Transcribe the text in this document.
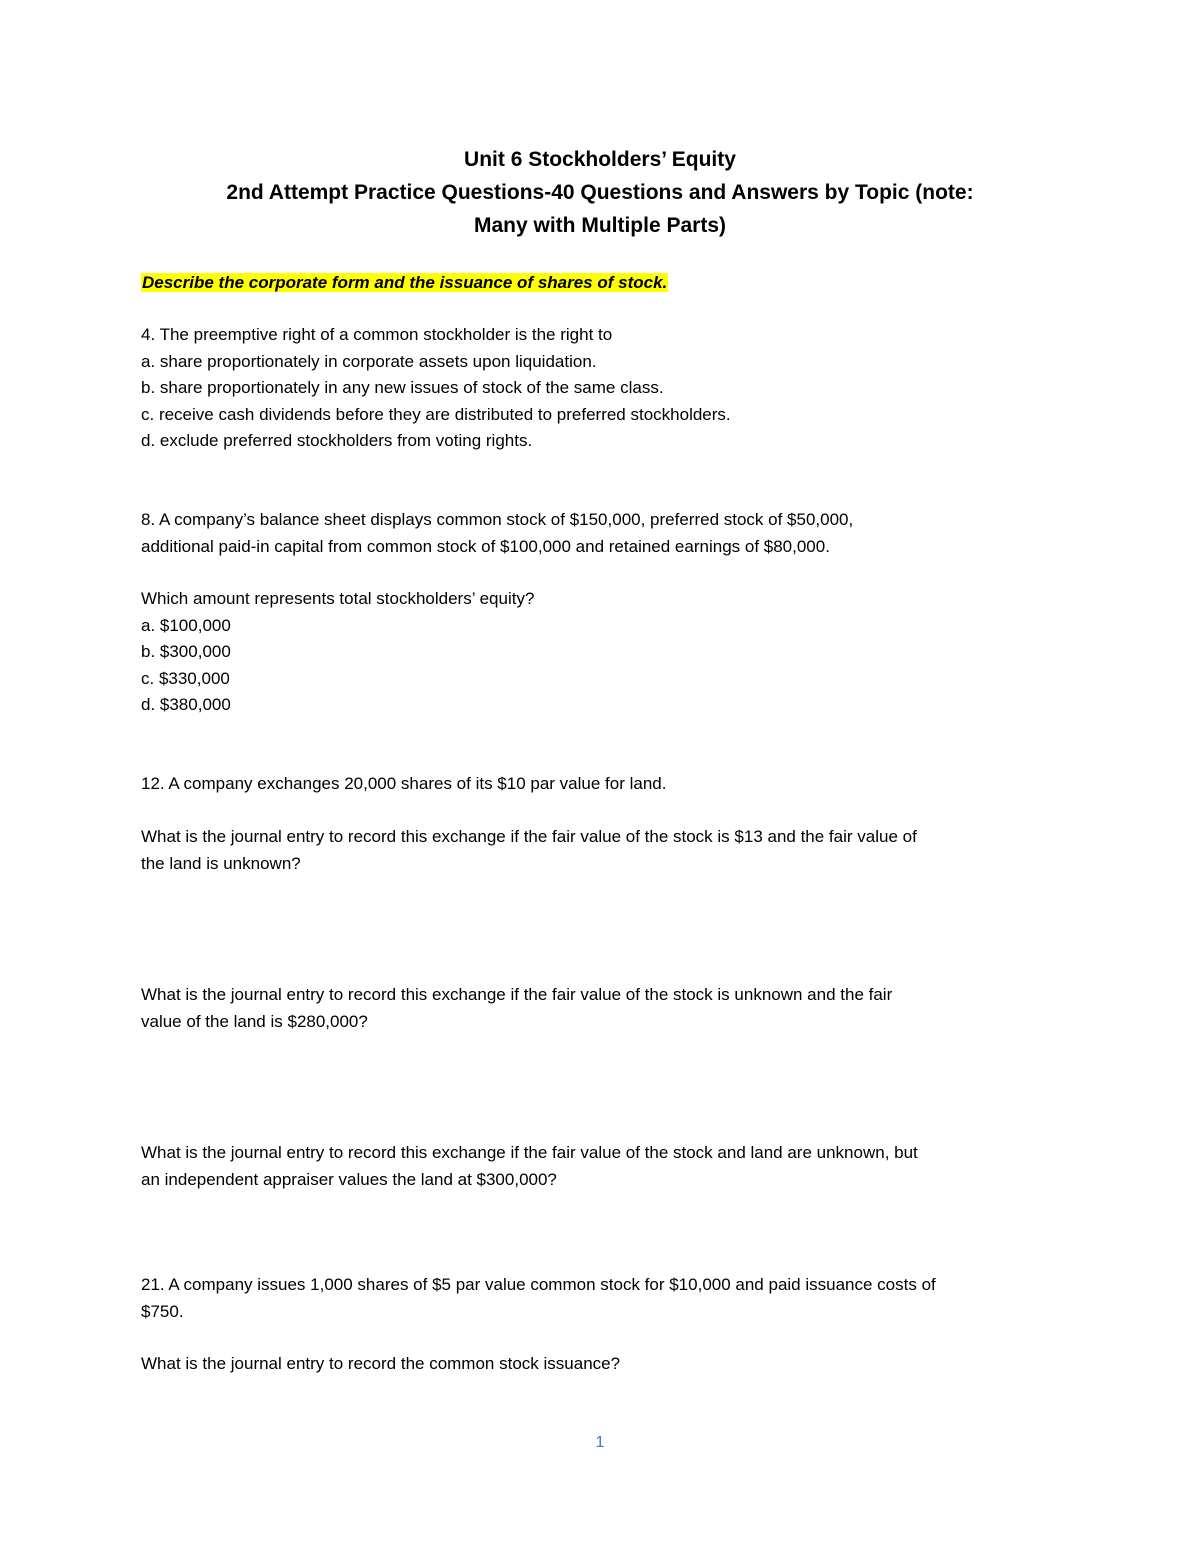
Unit 6 Stockholders’ Equity
2nd Attempt Practice Questions-40 Questions and Answers by Topic (note:
Many with Multiple Parts)
Describe the corporate form and the issuance of shares of stock.
4. The preemptive right of a common stockholder is the right to
a. share proportionately in corporate assets upon liquidation.
b. share proportionately in any new issues of stock of the same class.
c. receive cash dividends before they are distributed to preferred stockholders.
d. exclude preferred stockholders from voting rights.
8. A company’s balance sheet displays common stock of $150,000, preferred stock of $50,000,
additional paid-in capital from common stock of $100,000 and retained earnings of $80,000.
Which amount represents total stockholders’ equity?
a. $100,000
b. $300,000
c. $330,000
d. $380,000
12. A company exchanges 20,000 shares of its $10 par value for land.
What is the journal entry to record this exchange if the fair value of the stock is $13 and the fair value of
the land is unknown?
What is the journal entry to record this exchange if the fair value of the stock is unknown and the fair
value of the land is $280,000?
What is the journal entry to record this exchange if the fair value of the stock and land are unknown, but
an independent appraiser values the land at $300,000?
21. A company issues 1,000 shares of $5 par value common stock for $10,000 and paid issuance costs of
$750.
What is the journal entry to record the common stock issuance?
1
